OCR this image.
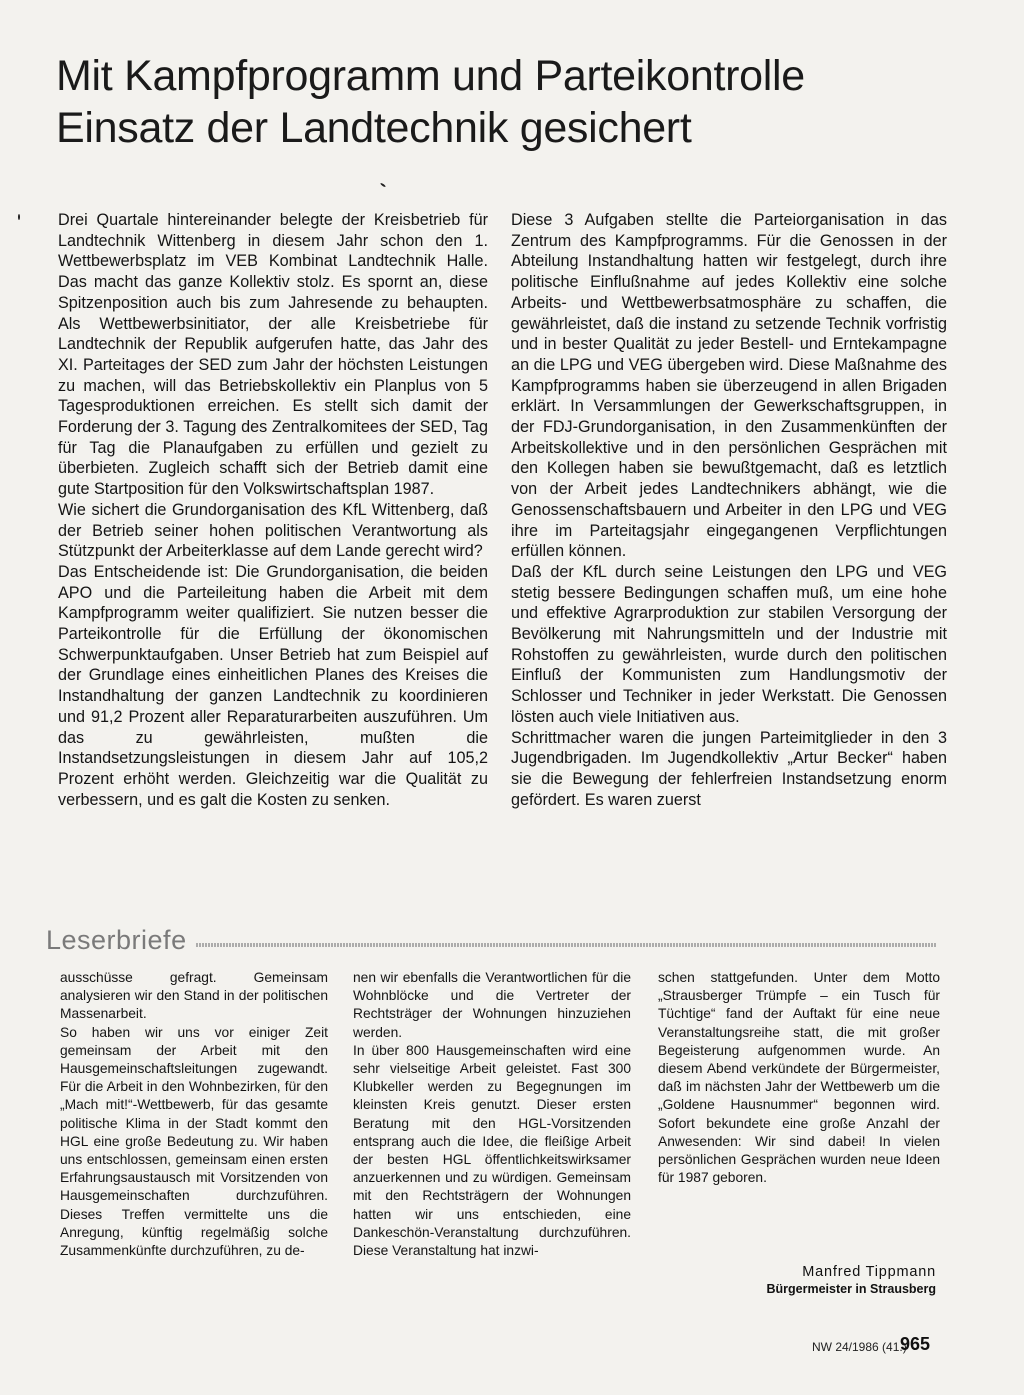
Mit Kampfprogramm und Parteikontrolle
Einsatz der Landtechnik gesichert

Drei Quartale hintereinander belegte der Kreisbetrieb für Landtechnik Wittenberg in diesem Jahr schon den 1. Wettbewerbsplatz im VEB Kombinat Landtechnik Halle. Das macht das ganze Kollektiv stolz. Es spornt an, diese Spitzenposition auch bis zum Jahresende zu behaupten. Als Wettbewerbsinitiator, der alle Kreisbetriebe für Landtechnik der Republik aufgerufen hatte, das Jahr des XI. Parteitages der SED zum Jahr der höchsten Leistungen zu machen, will das Betriebskollektiv ein Planplus von 5 Tagesproduktionen erreichen. Es stellt sich damit der Forderung der 3. Tagung des Zentralkomitees der SED, Tag für Tag die Planaufgaben zu erfüllen und gezielt zu überbieten. Zugleich schafft sich der Betrieb damit eine gute Startposition für den Volkswirtschaftsplan 1987.

Wie sichert die Grundorganisation des KfL Wittenberg, daß der Betrieb seiner hohen politischen Verantwortung als Stützpunkt der Arbeiterklasse auf dem Lande gerecht wird?

Das Entscheidende ist: Die Grundorganisation, die beiden APO und die Parteileitung haben die Arbeit mit dem Kampfprogramm weiter qualifiziert. Sie nutzen besser die Parteikontrolle für die Erfüllung der ökonomischen Schwerpunktaufgaben. Unser Betrieb hat zum Beispiel auf der Grundlage eines einheitlichen Planes des Kreises die Instandhaltung der ganzen Landtechnik zu koordinieren und 91,2 Prozent aller Reparaturarbeiten auszuführen. Um das zu gewährleisten, mußten die Instandsetzungsleistungen in diesem Jahr auf 105,2 Prozent erhöht werden. Gleichzeitig war die Qualität zu verbessern, und es galt die Kosten zu senken.

Diese 3 Aufgaben stellte die Parteiorganisation in das Zentrum des Kampfprogramms. Für die Genossen in der Abteilung Instandhaltung hatten wir festgelegt, durch ihre politische Einflußnahme auf jedes Kollektiv eine solche Arbeits- und Wettbewerbsatmosphäre zu schaffen, die gewährleistet, daß die instand zu setzende Technik vorfristig und in bester Qualität zu jeder Bestell- und Erntekampagne an die LPG und VEG übergeben wird. Diese Maßnahme des Kampfprogramms haben sie überzeugend in allen Brigaden erklärt. In Versammlungen der Gewerkschaftsgruppen, in der FDJ-Grundorganisation, in den Zusammenkünften der Arbeitskollektive und in den persönlichen Gesprächen mit den Kollegen haben sie bewußtgemacht, daß es letztlich von der Arbeit jedes Landtechnikers abhängt, wie die Genossenschaftsbauern und Arbeiter in den LPG und VEG ihre im Parteitagsjahr eingegangenen Verpflichtungen erfüllen können.

Daß der KfL durch seine Leistungen den LPG und VEG stetig bessere Bedingungen schaffen muß, um eine hohe und effektive Agrarproduktion zur stabilen Versorgung der Bevölkerung mit Nahrungsmitteln und der Industrie mit Rohstoffen zu gewährleisten, wurde durch den politischen Einfluß der Kommunisten zum Handlungsmotiv der Schlosser und Techniker in jeder Werkstatt. Die Genossen lösten auch viele Initiativen aus.

Schrittmacher waren die jungen Parteimitglieder in den 3 Jugendbrigaden. Im Jugendkollektiv „Artur Becker“ haben sie die Bewegung der fehlerfreien Instandsetzung enorm gefördert. Es waren zuerst

Leserbriefe

ausschüsse gefragt. Gemeinsam analysieren wir den Stand in der politischen Massenarbeit.

So haben wir uns vor einiger Zeit gemeinsam der Arbeit mit den Hausgemeinschaftsleitungen zugewandt. Für die Arbeit in den Wohnbezirken, für den „Mach mit!“-Wettbewerb, für das gesamte politische Klima in der Stadt kommt den HGL eine große Bedeutung zu. Wir haben uns entschlossen, gemeinsam einen ersten Erfahrungsaustausch mit Vorsitzenden von Hausgemeinschaften durchzuführen. Dieses Treffen vermittelte uns die Anregung, künftig regelmäßig solche Zusammenkünfte durchzuführen, zu de-

nen wir ebenfalls die Verantwortlichen für die Wohnblöcke und die Vertreter der Rechtsträger der Wohnungen hinzuziehen werden.

In über 800 Hausgemeinschaften wird eine sehr vielseitige Arbeit geleistet. Fast 300 Klubkeller werden zu Begegnungen im kleinsten Kreis genutzt. Dieser ersten Beratung mit den HGL-Vorsitzenden entsprang auch die Idee, die fleißige Arbeit der besten HGL öffentlichkeitswirksamer anzuerkennen und zu würdigen. Gemeinsam mit den Rechtsträgern der Wohnungen hatten wir uns entschieden, eine Dankeschön-Veranstaltung durchzuführen. Diese Veranstaltung hat inzwi-

schen stattgefunden. Unter dem Motto „Strausberger Trümpfe – ein Tusch für Tüchtige“ fand der Auftakt für eine neue Veranstaltungsreihe statt, die mit großer Begeisterung aufgenommen wurde. An diesem Abend verkündete der Bürgermeister, daß im nächsten Jahr der Wettbewerb um die „Goldene Hausnummer“ begonnen wird. Sofort bekundete eine große Anzahl der Anwesenden: Wir sind dabei! In vielen persönlichen Gesprächen wurden neue Ideen für 1987 geboren.

Manfred Tippmann
Bürgermeister in Strausberg
NW 24/1986 (41.)
965
